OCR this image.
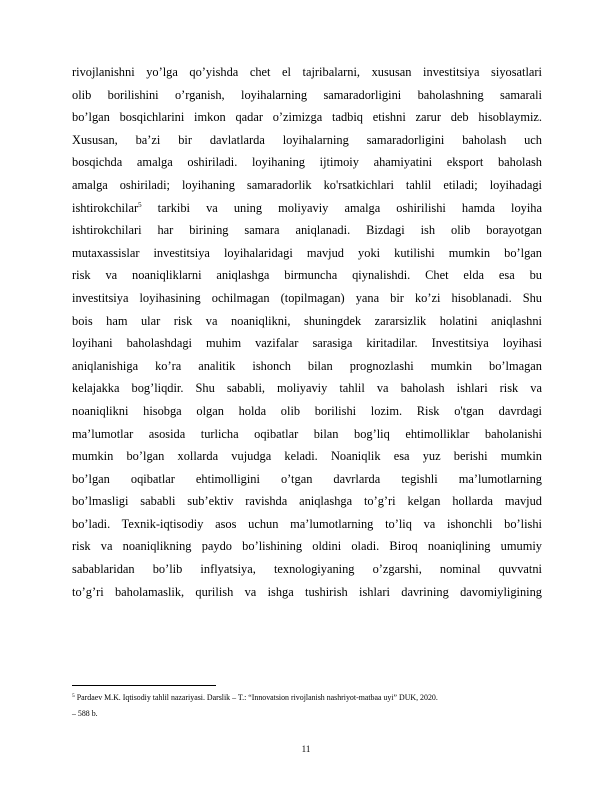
rivojlanishni yo’lga qo’yishda chet el tajribalarni, xususan investitsiya siyosatlari
olib borilishini o’rganish, loyihalarning samaradorligini baholashning samarali
bo’lgan bosqichlarini imkon qadar o’zimizga tadbiq etishni zarur deb hisoblaymiz.
Xususan, ba’zi bir davlatlarda loyihalarning samaradorligini baholash uch
bosqichda amalga oshiriladi. loyihaning ijtimoiy ahamiyatini eksport baholash
amalga oshiriladi; loyihaning samaradorlik ko'rsatkichlari tahlil etiladi; loyihadagi
ishtirokchilar$^5$ tarkibi va uning moliyaviy amalga oshirilishi hamda loyiha
ishtirokchilari har birining samara aniqlanadi. Bizdagi ish olib borayotgan
mutaxassislar investitsiya loyihalaridagi mavjud yoki kutilishi mumkin bo’lgan
risk va noaniqliklarni aniqlashga birmuncha qiynalishdi. Chet elda esa bu
investitsiya loyihasining ochilmagan (topilmagan) yana bir ko’zi hisoblanadi. Shu
bois ham ular risk va noaniqlikni, shuningdek zararsizlik holatini aniqlashni
loyihani baholashdagi muhim vazifalar sarasiga kiritadilar. Investitsiya loyihasi
aniqlanishiga ko’ra analitik ishonch bilan prognozlashi mumkin bo’lmagan
kelajakka bog’liqdir. Shu sababli, moliyaviy tahlil va baholash ishlari risk va
noaniqlikni hisobga olgan holda olib borilishi lozim. Risk o'tgan davrdagi
ma’lumotlar asosida turlicha oqibatlar bilan bog’liq ehtimolliklar baholanishi
mumkin bo’lgan xollarda vujudga keladi. Noaniqlik esa yuz berishi mumkin
bo’lgan oqibatlar ehtimolligini o’tgan davrlarda tegishli ma’lumotlarning
bo’lmasligi sababli sub’ektiv ravishda aniqlashga to’g’ri kelgan hollarda mavjud
bo’ladi. Texnik-iqtisodiy asos uchun ma’lumotlarning to’liq va ishonchli bo’lishi
risk va noaniqlikning paydo bo’lishining oldini oladi. Biroq noaniqlining umumiy
sabablaridan bo’lib inflyatsiya, texnologiyaning o’zgarshi, nominal quvvatni
to’g’ri baholamaslik, qurilish va ishga tushirish ishlari davrining davomiyligining
$^5$ Pardaev M.K. Iqtisodiy tahlil nazariyasi. Darslik – T.: “Innovatsion rivojlanish nashriyot-matbaa uyi” DUK, 2020.
– 588 b.
11
